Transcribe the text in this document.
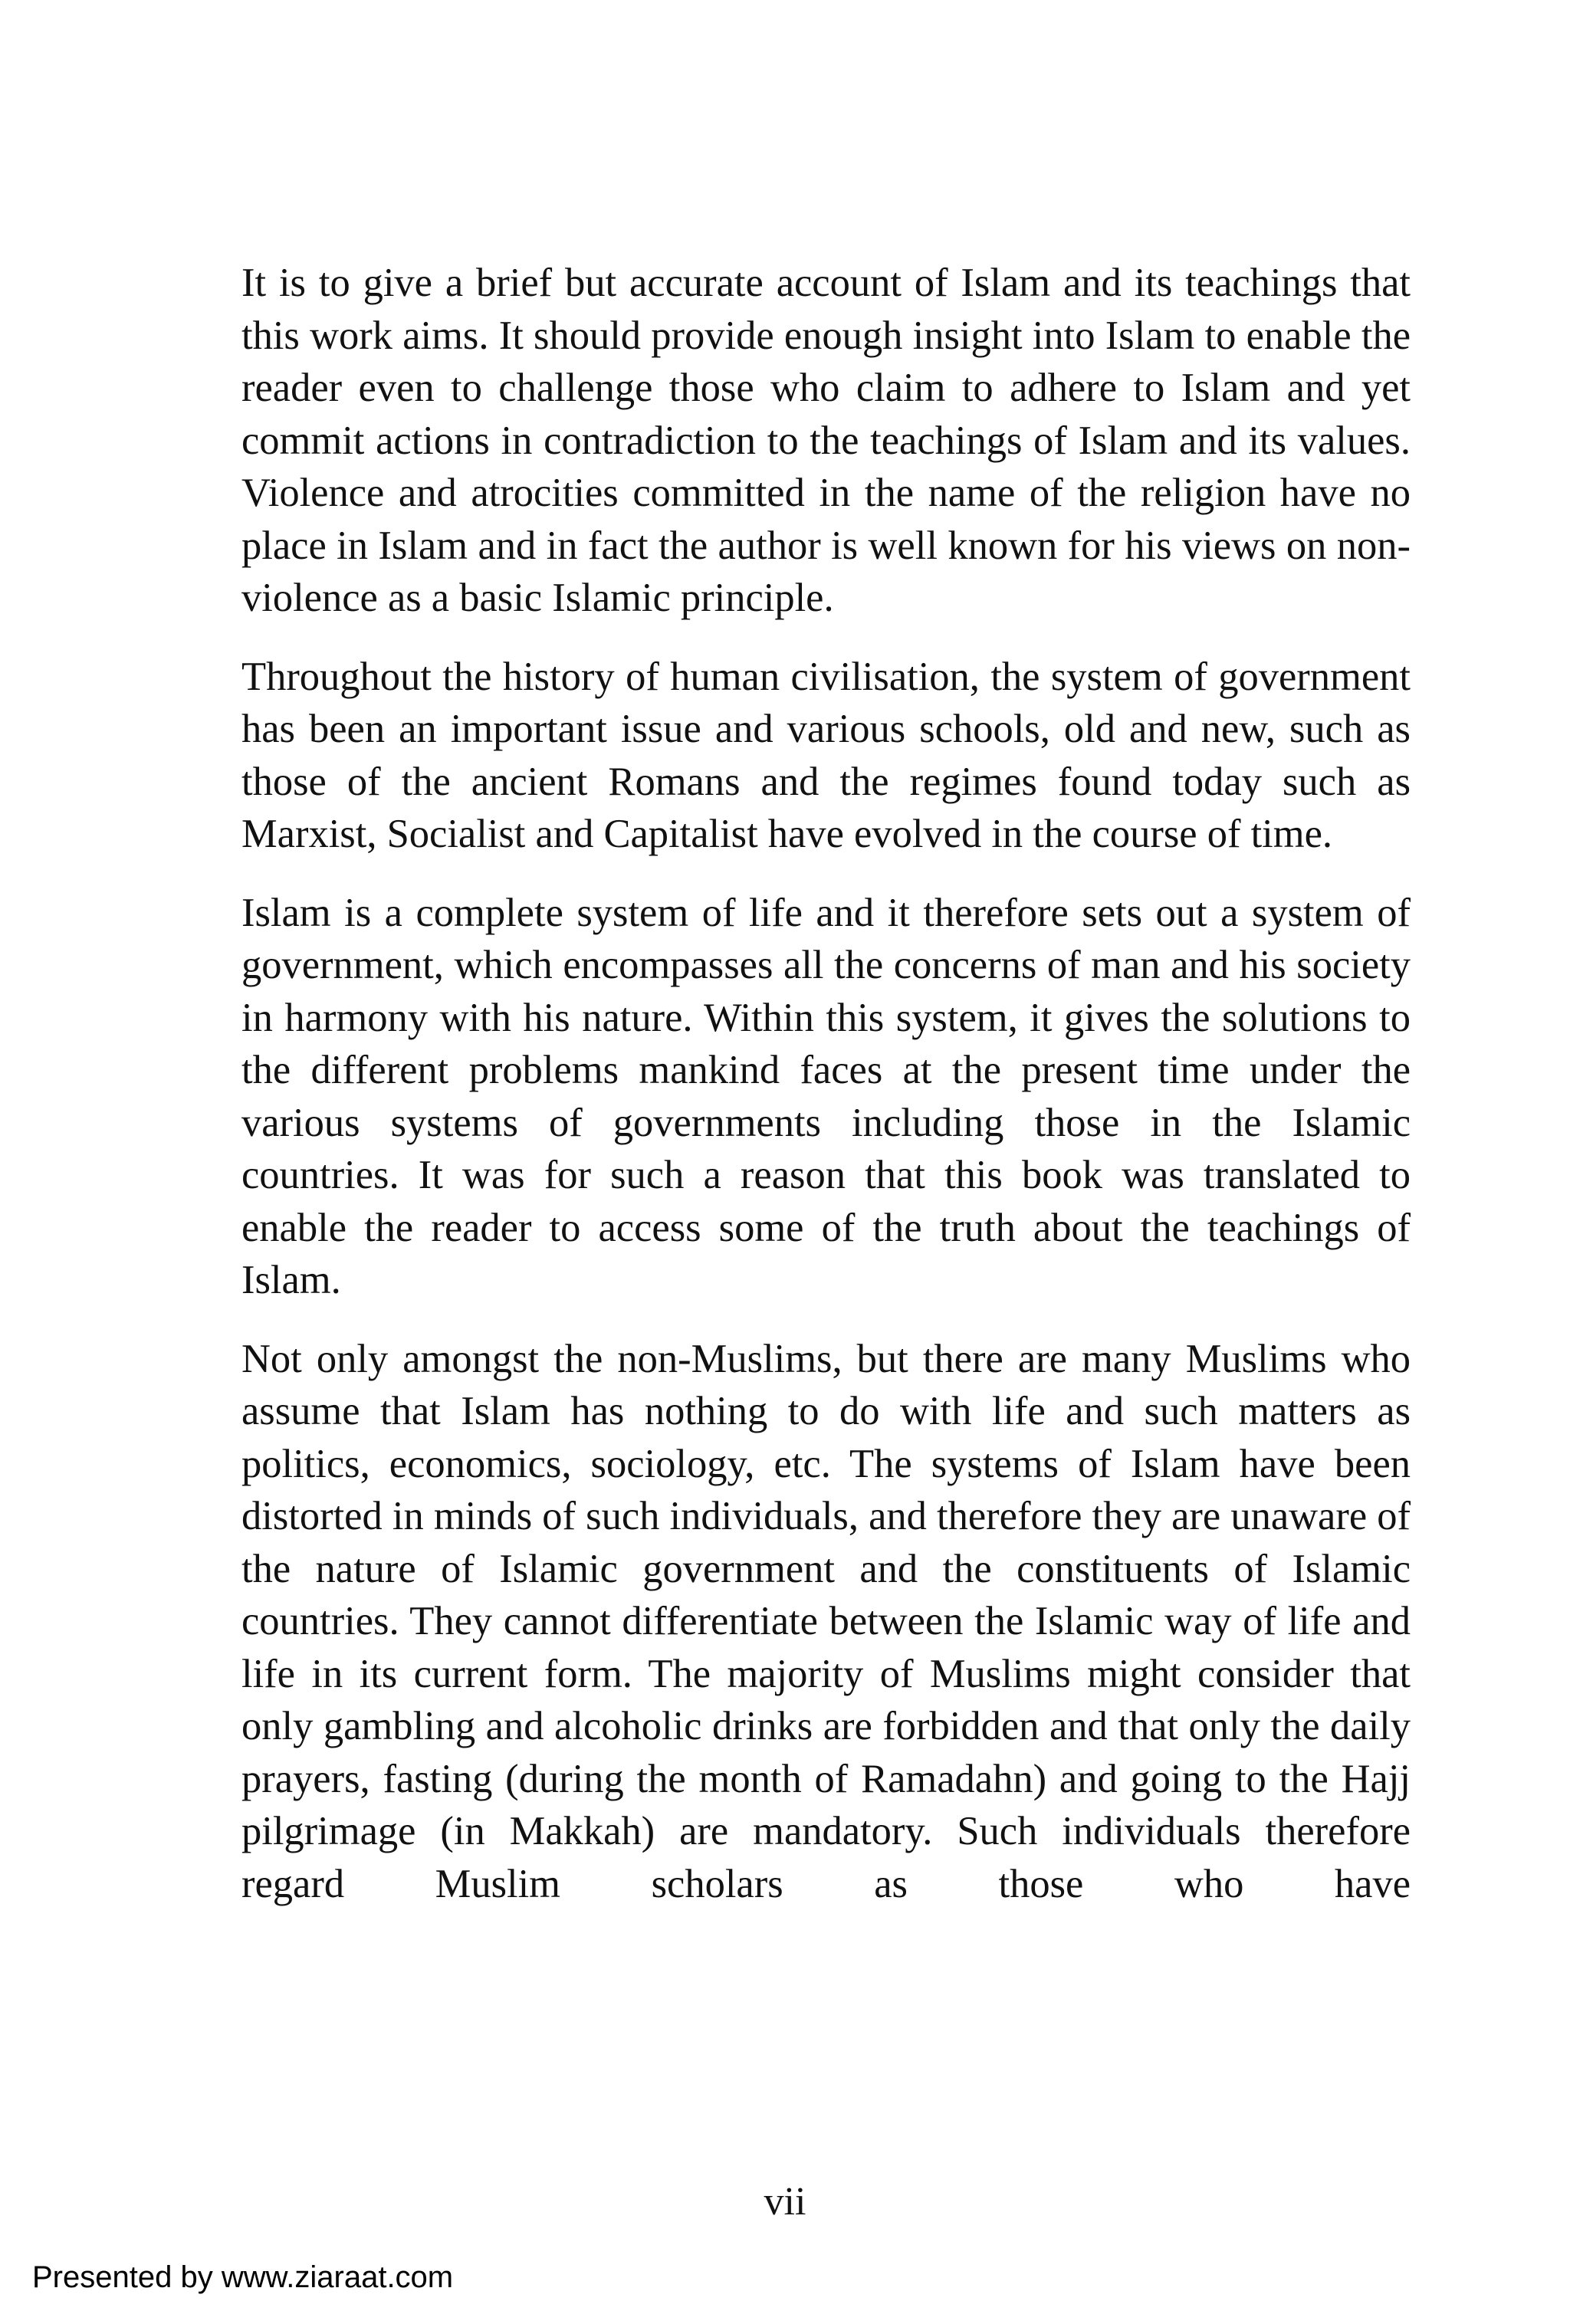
It is to give a brief but accurate account of Islam and its teachings that this work aims. It should provide enough insight into Islam to enable the reader even to challenge those who claim to adhere to Islam and yet commit actions in contradiction to the teachings of Islam and its values. Violence and atrocities committed in the name of the religion have no place in Islam and in fact the author is well known for his views on non-violence as a basic Islamic principle.

Throughout the history of human civilisation, the system of government has been an important issue and various schools, old and new, such as those of the ancient Romans and the regimes found today such as Marxist, Socialist and Capitalist have evolved in the course of time.

Islam is a complete system of life and it therefore sets out a system of government, which encompasses all the concerns of man and his society in harmony with his nature. Within this system, it gives the solutions to the different problems mankind faces at the present time under the various systems of governments including those in the Islamic countries. It was for such a reason that this book was translated to enable the reader to access some of the truth about the teachings of Islam.

Not only amongst the non-Muslims, but there are many Muslims who assume that Islam has nothing to do with life and such matters as politics, economics, sociology, etc. The systems of Islam have been distorted in minds of such individuals, and therefore they are unaware of the nature of Islamic government and the constituents of Islamic countries. They cannot differentiate between the Islamic way of life and life in its current form. The majority of Muslims might consider that only gambling and alcoholic drinks are forbidden and that only the daily prayers, fasting (during the month of Ramadahn) and going to the Hajj pilgrimage (in Makkah) are mandatory. Such individuals therefore regard Muslim scholars as those who have

vii
Presented by www.ziaraat.com
